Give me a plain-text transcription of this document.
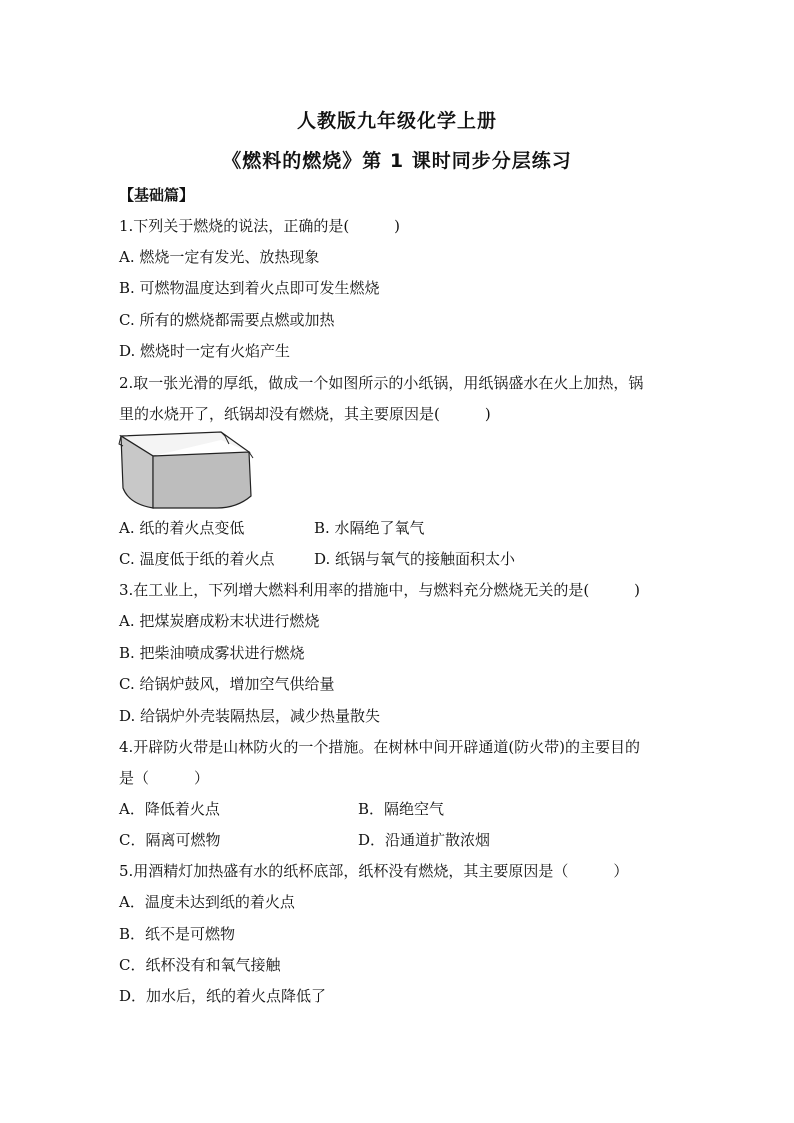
人教版九年级化学上册
《燃料的燃烧》第 1 课时同步分层练习
【基础篇】
1.下列关于燃烧的说法，正确的是(　　　)
A. 燃烧一定有发光、放热现象
B. 可燃物温度达到着火点即可发生燃烧
C. 所有的燃烧都需要点燃或加热
D. 燃烧时一定有火焰产生
2.取一张光滑的厚纸，做成一个如图所示的小纸锅，用纸锅盛水在火上加热，锅
里的水烧开了，纸锅却没有燃烧，其主要原因是(　　　)
A. 纸的着火点变低	B. 水隔绝了氧气
C. 温度低于纸的着火点	D. 纸锅与氧气的接触面积太小
3.在工业上，下列增大燃料利用率的措施中，与燃料充分燃烧无关的是(　　　)
A. 把煤炭磨成粉末状进行燃烧
B. 把柴油喷成雾状进行燃烧
C. 给锅炉鼓风，增加空气供给量
D. 给锅炉外壳装隔热层，减少热量散失
4.开辟防火带是山林防火的一个措施。在树林中间开辟通道(防火带)的主要目的
是（　　　）
A．降低着火点	B．隔绝空气
C．隔离可燃物	D．沿通道扩散浓烟
5.用酒精灯加热盛有水的纸杯底部，纸杯没有燃烧，其主要原因是（　　　）
A．温度未达到纸的着火点
B．纸不是可燃物
C．纸杯没有和氧气接触
D．加水后，纸的着火点降低了
